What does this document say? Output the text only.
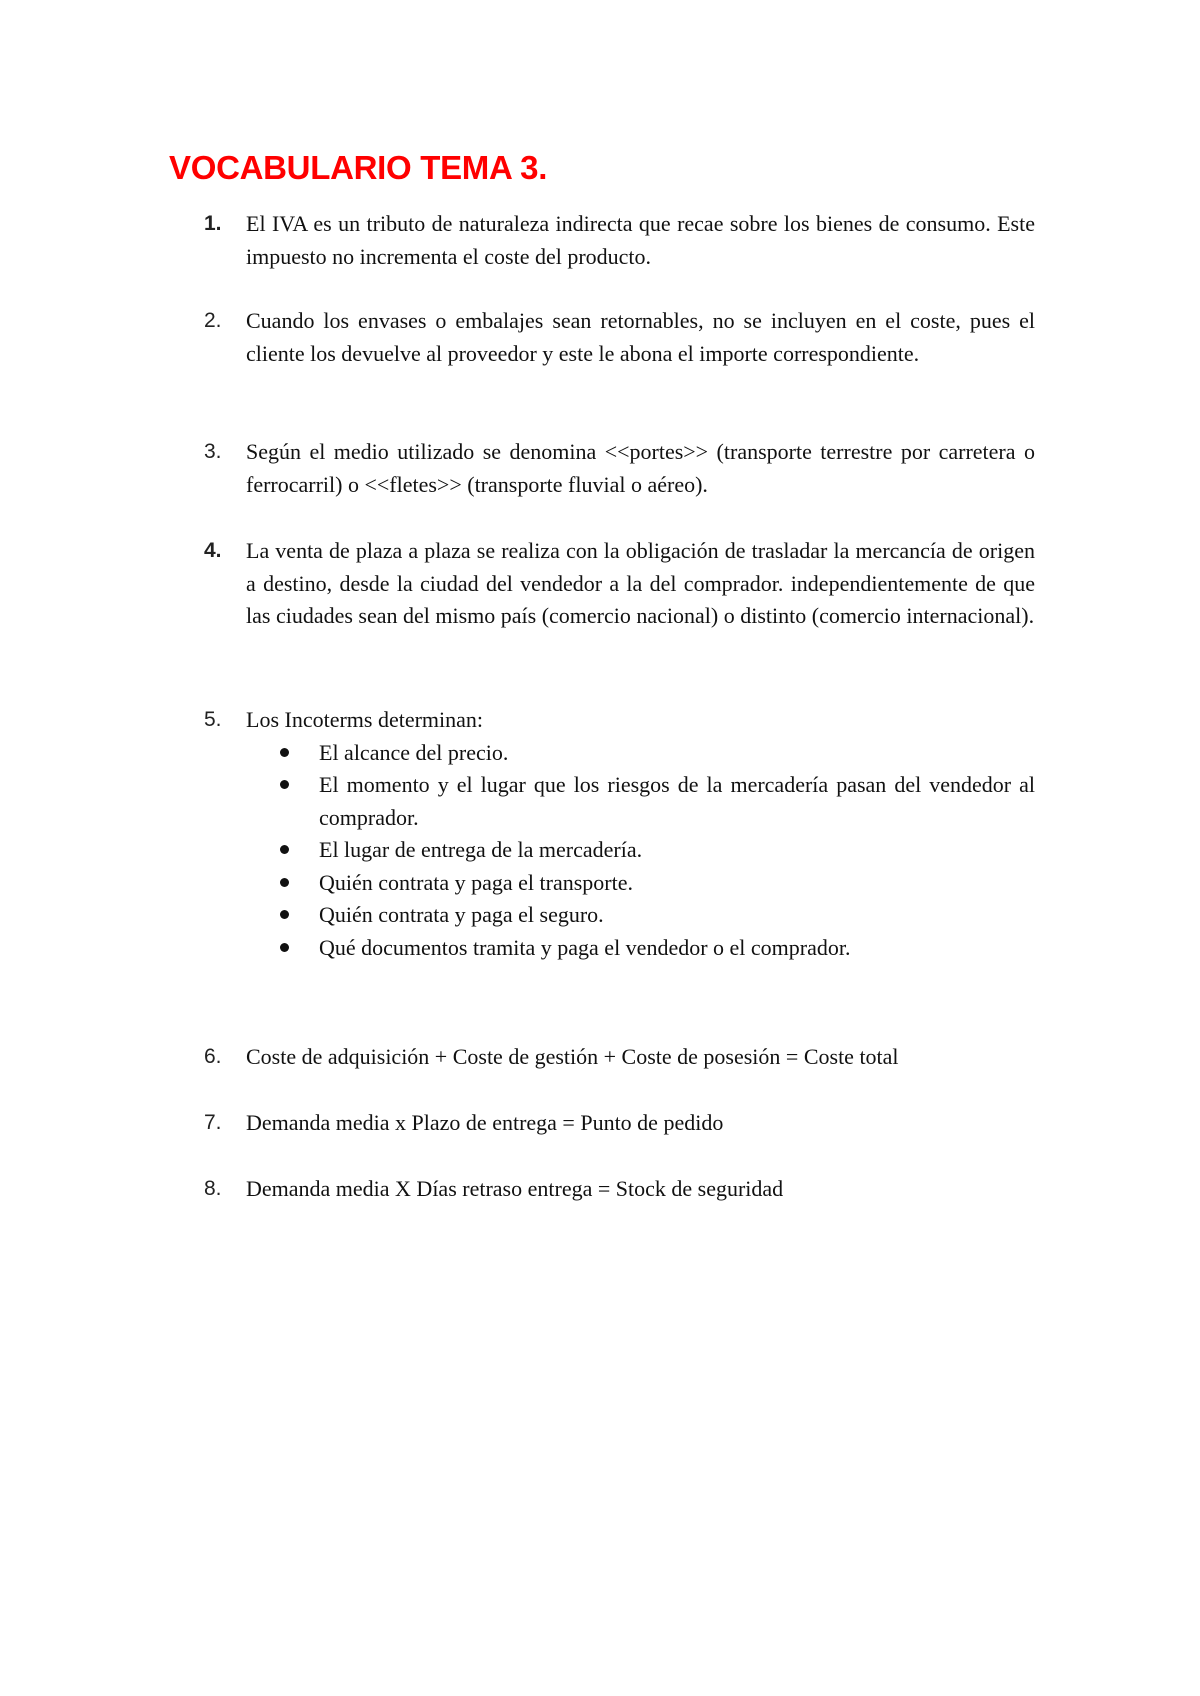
VOCABULARIO TEMA 3.
1.	El IVA es un tributo de naturaleza indirecta que recae sobre los bienes de consumo. Este impuesto no incrementa el coste del producto.
2.	Cuando los envases o embalajes sean retornables, no se incluyen en el coste, pues el cliente los devuelve al proveedor y este le abona el importe correspondiente.
3.	Según el medio utilizado se denomina <<portes>> (transporte terrestre por carretera o ferrocarril) o <<fletes>> (transporte fluvial o aéreo).
4.	La venta de plaza a plaza se realiza con la obligación de trasladar la mercancía de origen a destino, desde la ciudad del vendedor a la del comprador. independientemente de que las ciudades sean del mismo país (comercio nacional) o distinto (comercio internacional).
5.	Los Incoterms determinan:
El alcance del precio.
El momento y el lugar que los riesgos de la mercadería pasan del vendedor al comprador.
El lugar de entrega de la mercadería.
Quién contrata y paga el transporte.
Quién contrata y paga el seguro.
Qué documentos tramita y paga el vendedor o el comprador.
6.	Coste de adquisición + Coste de gestión + Coste de posesión = Coste total
7.	Demanda media x Plazo de entrega = Punto de pedido
8.	Demanda media X Días retraso entrega = Stock de seguridad
